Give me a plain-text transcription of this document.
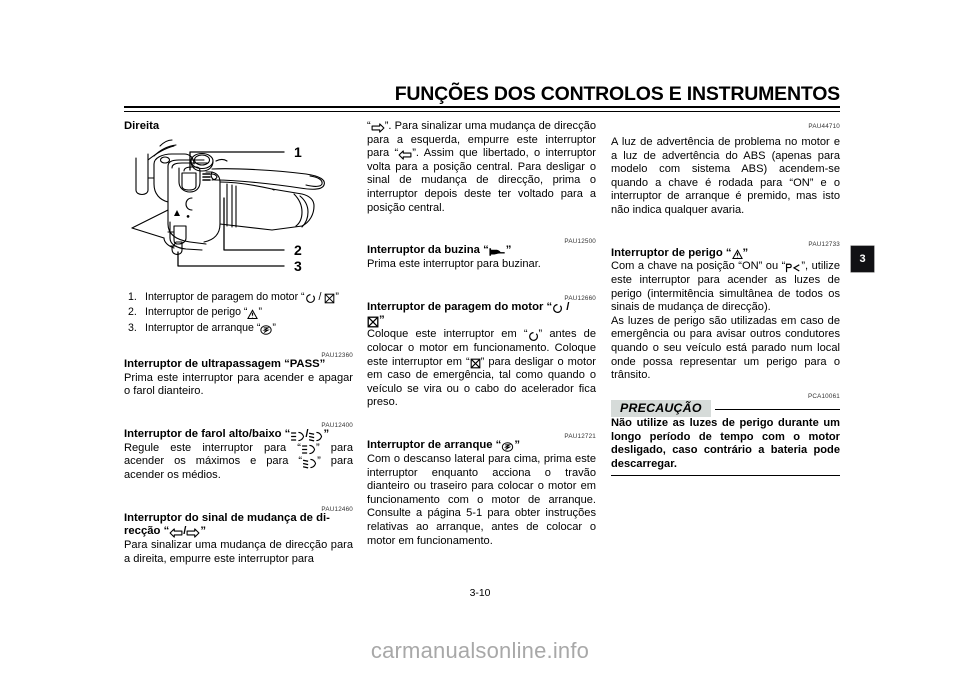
FUNÇÕES DOS CONTROLOS E INSTRUMENTOS
3
Direita
1
2
3
1. Interruptor de paragem do motor “ / ”
2. Interruptor de perigo “ ”
3. Interruptor de arranque “ ”
PAU12360
Interruptor de ultrapassagem “PASS”

Prima este interruptor para acender e apagar o farol dianteiro.

PAU12400
Interruptor de farol alto/baixo “ / ”

Regule este interruptor para “ ” para acender os máximos e para “ ” para acender os médios.

PAU12460
Interruptor do sinal de mudança de di-
recção “ / ”

Para sinalizar uma mudança de direcção para a direita, empurre este interruptor para

“ ”. Para sinalizar uma mudança de direcção para a esquerda, empurre este interruptor para “ ”. Assim que libertado, o interruptor volta para a posição central. Para desligar o sinal de mudança de direcção, prima o interruptor depois deste ter voltado para a posição central.

PAU12500
Interruptor da buzina “ ”

Prima este interruptor para buzinar.

PAU12660
Interruptor de paragem do motor “ /
”

Coloque este interruptor em “ ” antes de colocar o motor em funcionamento. Coloque este interruptor em “ ” para desligar o motor em caso de emergência, tal como quando o veículo se vira ou o cabo do acelerador fica preso.

PAU12721
Interruptor de arranque “ ”

Com o descanso lateral para cima, prima este interruptor enquanto acciona o travão dianteiro ou traseiro para colocar o motor em funcionamento com o motor de arranque. Consulte a página 5-1 para obter instruções relativas ao arranque, antes de colocar o motor em funcionamento.

PAU44710

A luz de advertência de problema no motor e a luz de advertência do ABS (apenas para modelo com sistema ABS) acendem-se quando a chave é rodada para “ON” e o interruptor de arranque é premido, mas isto não indica qualquer avaria.

PAU12733
Interruptor de perigo “ ”

Com a chave na posição “ON” ou “ ”, utilize este interruptor para acender as luzes de perigo (intermitência simultânea de todos os sinais de mudança de direcção).

As luzes de perigo são utilizadas em caso de emergência ou para avisar outros condutores quando o seu veículo está parado num local onde possa representar um perigo para o trânsito.

PCA10061
PRECAUÇÃO

Não utilize as luzes de perigo durante um longo período de tempo com o motor desligado, caso contrário a bateria pode descarregar.

3-10
carmanualsonline.info
